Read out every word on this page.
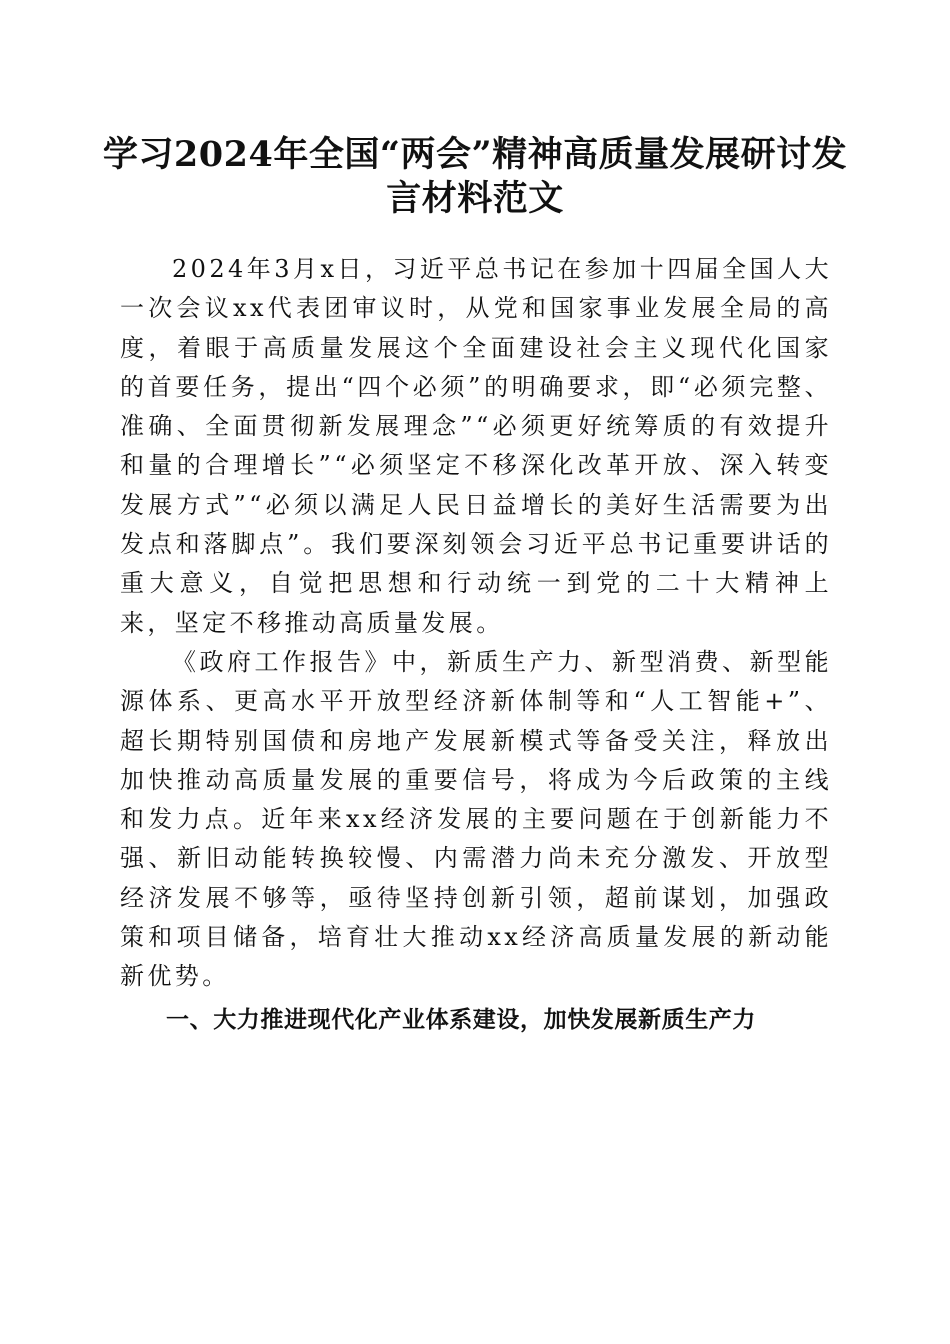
学习2024年全国“两会”精神高质量发展研讨发言材料范文

2024年3月x日，习近平总书记在参加十四届全国人大一次会议xx代表团审议时，从党和国家事业发展全局的高度，着眼于高质量发展这个全面建设社会主义现代化国家的首要任务，提出“四个必须”的明确要求，即“必须完整、准确、全面贯彻新发展理念”“必须更好统筹质的有效提升和量的合理增长”“必须坚定不移深化改革开放、深入转变发展方式”“必须以满足人民日益增长的美好生活需要为出发点和落脚点”。我们要深刻领会习近平总书记重要讲话的重大意义，自觉把思想和行动统一到党的二十大精神上来，坚定不移推动高质量发展。

《政府工作报告》中，新质生产力、新型消费、新型能源体系、更高水平开放型经济新体制等和“人工智能+”、超长期特别国债和房地产发展新模式等备受关注，释放出加快推动高质量发展的重要信号，将成为今后政策的主线和发力点。近年来xx经济发展的主要问题在于创新能力不强、新旧动能转换较慢、内需潜力尚未充分激发、开放型经济发展不够等，亟待坚持创新引领，超前谋划，加强政策和项目储备，培育壮大推动xx经济高质量发展的新动能新优势。

一、大力推进现代化产业体系建设，加快发展新质生产力
